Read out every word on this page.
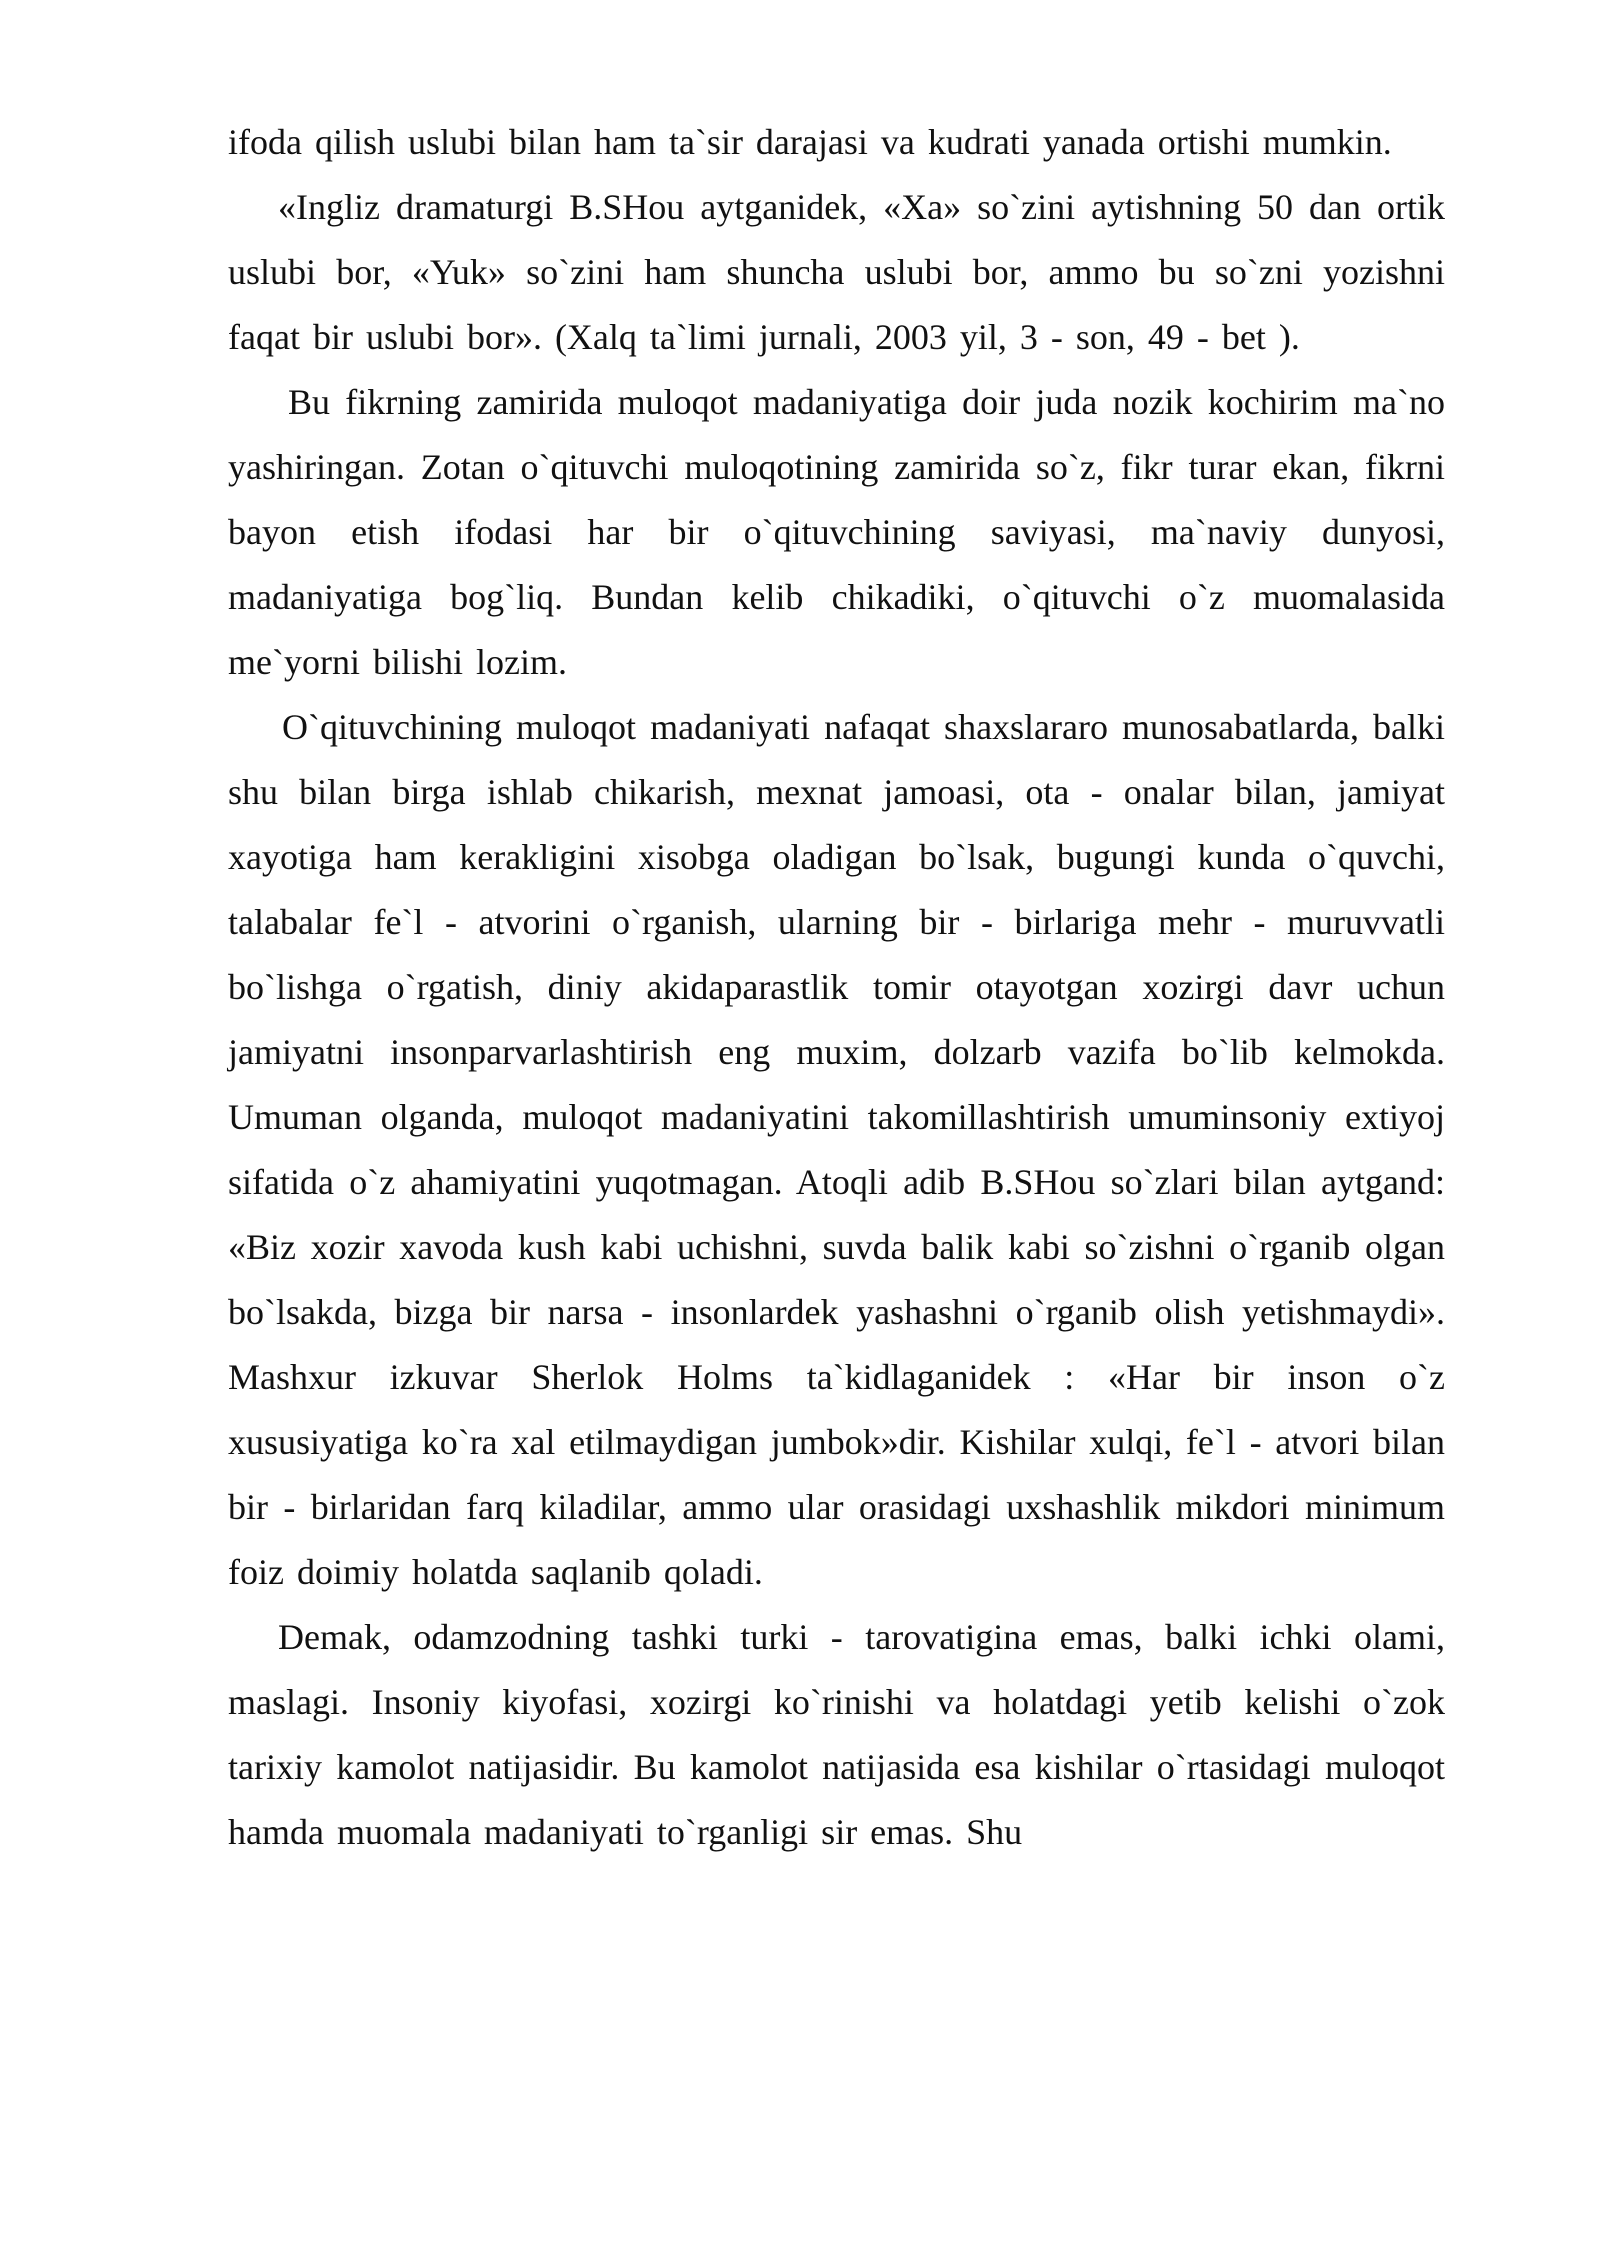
ifoda qilish uslubi bilan ham ta`sir darajasi va kudrati yanada ortishi mumkin.

«Ingliz dramaturgi B.SHou aytganidek, «Xa» so`zini aytishning 50 dan ortik uslubi bor, «Yuk» so`zini ham shuncha uslubi bor, ammo bu so`zni yozishni faqat bir uslubi bor». (Xalq ta`limi jurnali, 2003 yil, 3 - son, 49 - bet ).

Bu fikrning zamirida muloqot madaniyatiga doir juda nozik kochirim ma`no yashiringan. Zotan o`qituvchi muloqotining zamirida so`z, fikr turar ekan, fikrni bayon etish ifodasi har bir o`qituvchining saviyasi, ma`naviy dunyosi, madaniyatiga bog`liq. Bundan kelib chikadiki, o`qituvchi o`z muomalasida me`yorni bilishi lozim.

O`qituvchining muloqot madaniyati nafaqat shaxslararo munosabatlarda, balki shu bilan birga ishlab chikarish, mexnat jamoasi, ota - onalar bilan, jamiyat xayotiga ham kerakligini xisobga oladigan bo`lsak, bugungi kunda o`quvchi, talabalar fe`l - atvorini o`rganish, ularning bir - birlariga mehr - muruvvatli bo`lishga o`rgatish, diniy akidaparastlik tomir otayotgan xozirgi davr uchun jamiyatni insonparvarlashtirish eng muxim, dolzarb vazifa bo`lib kelmokda. Umuman olganda, muloqot madaniyatini takomillashtirish umuminsoniy extiyoj sifatida o`z ahamiyatini yuqotmagan. Atoqli adib B.SHou so`zlari bilan aytgand: «Biz xozir xavoda kush kabi uchishni, suvda balik kabi so`zishni o`rganib olgan bo`lsakda, bizga bir narsa - insonlardek yashashni o`rganib olish yetishmaydi». Mashxur izkuvar Sherlok Holms ta`kidlaganidek : «Har bir inson o`z xususiyatiga ko`ra xal etilmaydigan jumbok»dir. Kishilar xulqi, fe`l - atvori bilan bir - birlaridan farq kiladilar, ammo ular orasidagi uxshashlik mikdori minimum foiz doimiy holatda saqlanib qoladi.

Demak, odamzodning tashki turki - tarovatigina emas, balki ichki olami, maslagi. Insoniy kiyofasi, xozirgi ko`rinishi va holatdagi yetib kelishi o`zok tarixiy kamolot natijasidir. Bu kamolot natijasida esa kishilar o`rtasidagi muloqot hamda muomala madaniyati to`rganligi sir emas. Shu
